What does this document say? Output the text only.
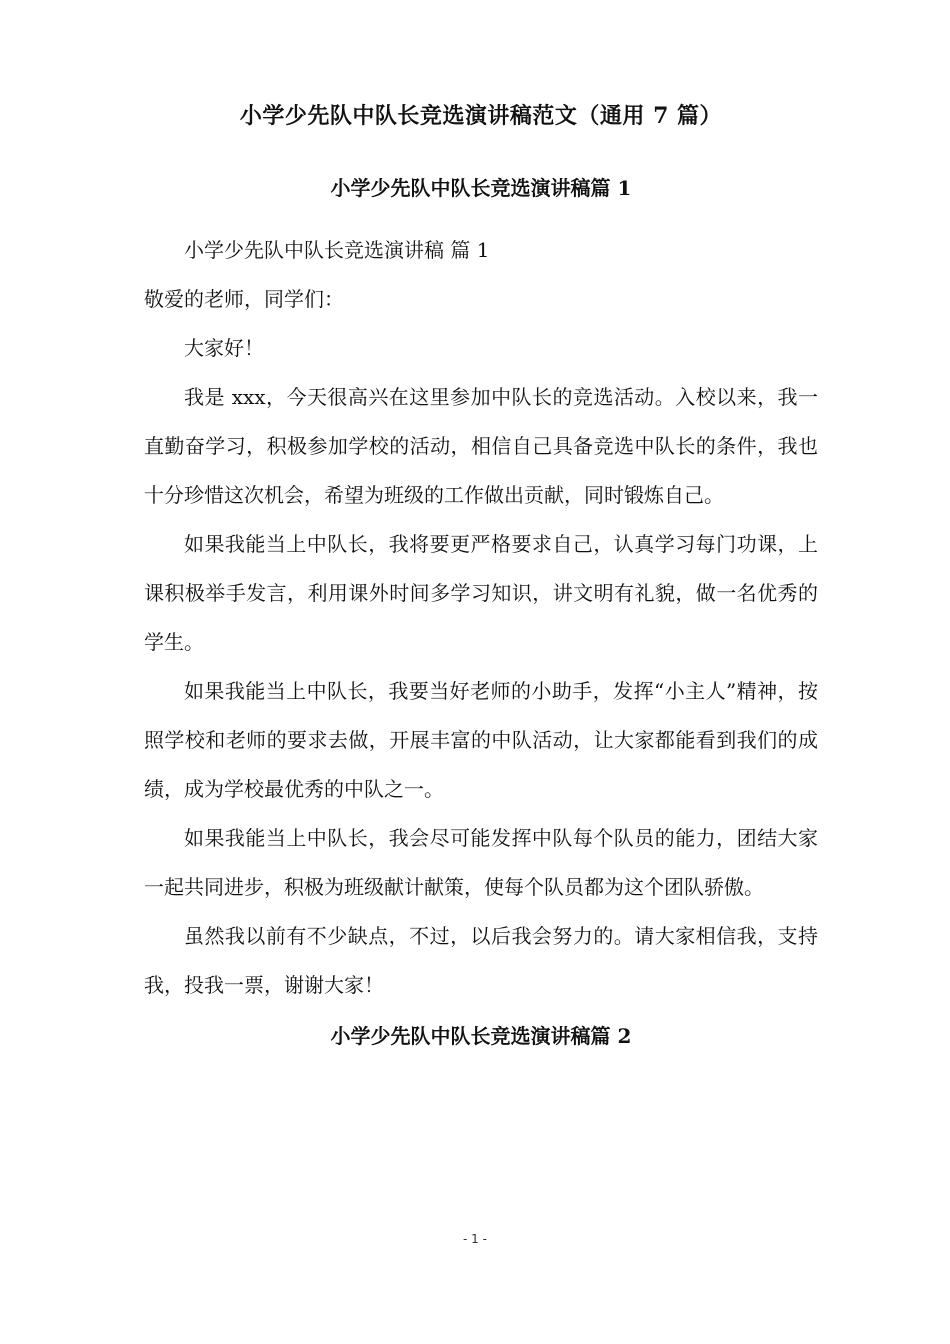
小学少先队中队长竞选演讲稿范文（通用 7 篇）
小学少先队中队长竞选演讲稿篇 1

小学少先队中队长竞选演讲稿 篇 1

敬爱的老师，同学们：

大家好！

我是 xxx，今天很高兴在这里参加中队长的竞选活动。入校以来，我一直勤奋学习，积极参加学校的活动，相信自己具备竞选中队长的条件，我也十分珍惜这次机会，希望为班级的工作做出贡献，同时锻炼自己。

如果我能当上中队长，我将要更严格要求自己，认真学习每门功课，上课积极举手发言，利用课外时间多学习知识，讲文明有礼貌，做一名优秀的学生。

如果我能当上中队长，我要当好老师的小助手，发挥“小主人”精神，按照学校和老师的要求去做，开展丰富的中队活动，让大家都能看到我们的成绩，成为学校最优秀的中队之一。

如果我能当上中队长，我会尽可能发挥中队每个队员的能力，团结大家一起共同进步，积极为班级献计献策，使每个队员都为这个团队骄傲。

虽然我以前有不少缺点，不过，以后我会努力的。请大家相信我，支持我，投我一票，谢谢大家！

小学少先队中队长竞选演讲稿篇 2
- 1 -
